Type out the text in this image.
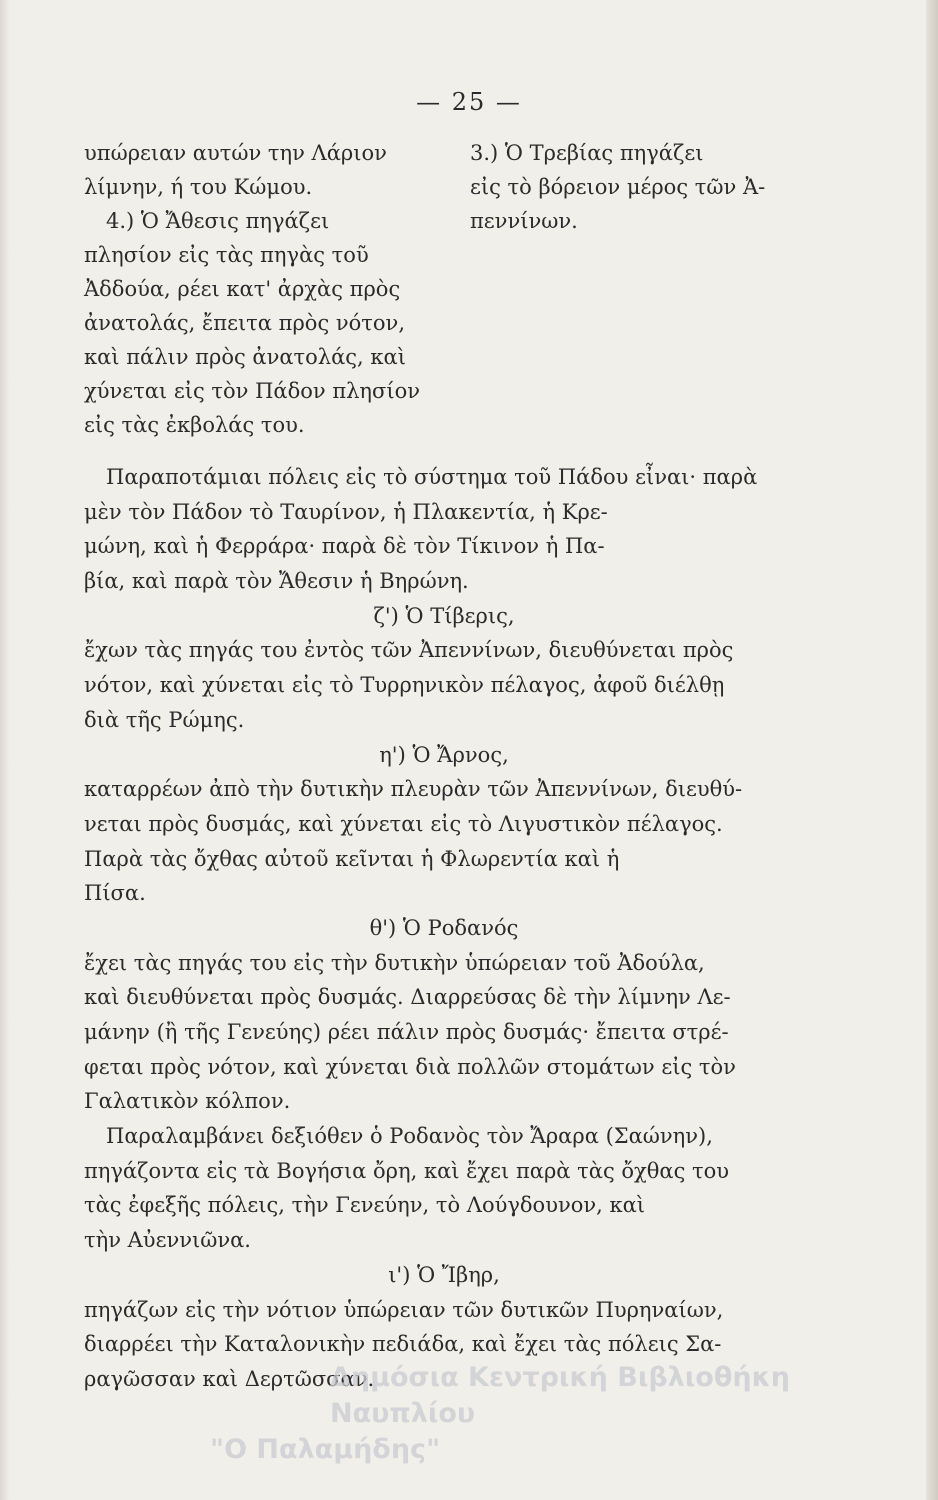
— 25 —
υπώρειαν αυτών την Λάριον
λίμνην, ή του Κώμου.
4.) Ὁ Ἄθεσις πηγάζει
πλησίον εἰς τὰς πηγὰς τοῦ
Ἀδδούα, ρέει κατ' ἀρχὰς πρὸς
ἀνατολάς, ἔπειτα πρὸς νότον,
καὶ πάλιν πρὸς ἀνατολάς, καὶ
χύνεται εἰς τὸν Πάδον πλησίον
εἰς τὰς ἐκβολάς του.
3.) Ὁ Τρεβίας πηγάζει
εἰς τὸ βόρειον μέρος τῶν Ἀ-
πεννίνων.
Παραποτάμιαι πόλεις εἰς τὸ σύστημα τοῦ Πάδου εἶναι· παρὰ
μὲν τὸν Πάδον τὸ Ταυρίνον, ἡ Πλακεντία, ἡ Κρε-
μώνη, καὶ ἡ Φερράρα· παρὰ δὲ τὸν Τίκινον ἡ Πα-
βία, καὶ παρὰ τὸν Ἄθεσιν ἡ Βηρώνη.
ζ') Ὁ Τίβερις,
ἔχων τὰς πηγάς του ἐντὸς τῶν Ἀπεννίνων, διευθύνεται πρὸς
νότον, καὶ χύνεται εἰς τὸ Τυρρηνικὸν πέλαγος, ἀφοῦ διέλθῃ
διὰ τῆς Ρώμης.
η') Ὁ Ἄρνος,
καταρρέων ἀπὸ τὴν δυτικὴν πλευρὰν τῶν Ἀπεννίνων, διευθύ-
νεται πρὸς δυσμάς, καὶ χύνεται εἰς τὸ Λιγυστικὸν πέλαγος.
Παρὰ τὰς ὄχθας αὐτοῦ κεῖνται ἡ Φλωρεντία καὶ ἡ
Πίσα.
θ') Ὁ Ροδανός
ἔχει τὰς πηγάς του εἰς τὴν δυτικὴν ὑπώρειαν τοῦ Ἀδούλα,
καὶ διευθύνεται πρὸς δυσμάς. Διαρρεύσας δὲ τὴν λίμνην Λε-
μάνην (ἢ τῆς Γενεύης) ρέει πάλιν πρὸς δυσμάς· ἔπειτα στρέ-
φεται πρὸς νότον, καὶ χύνεται διὰ πολλῶν στομάτων εἰς τὸν
Γαλατικὸν κόλπον.
Παραλαμβάνει δεξιόθεν ὁ Ροδανὸς τὸν Ἄραρα (Σαώνην),
πηγάζοντα εἰς τὰ Βογήσια ὄρη, καὶ ἔχει παρὰ τὰς ὄχθας του
τὰς ἐφεξῆς πόλεις, τὴν Γενεύην, τὸ Λούγδουνον, καὶ
τὴν Αὐεννιῶνα.
ι') Ὁ Ἴβηρ,
πηγάζων εἰς τὴν νότιον ὑπώρειαν τῶν δυτικῶν Πυρηναίων,
διαρρέει τὴν Καταλονικὴν πεδιάδα, καὶ ἔχει τὰς πόλεις Σα-
ραγῶσσαν καὶ Δερτῶσσαν.
Δημόσια Κεντρική Βιβλιοθήκη Ναυπλίου
"Ο Παλαμήδης"
